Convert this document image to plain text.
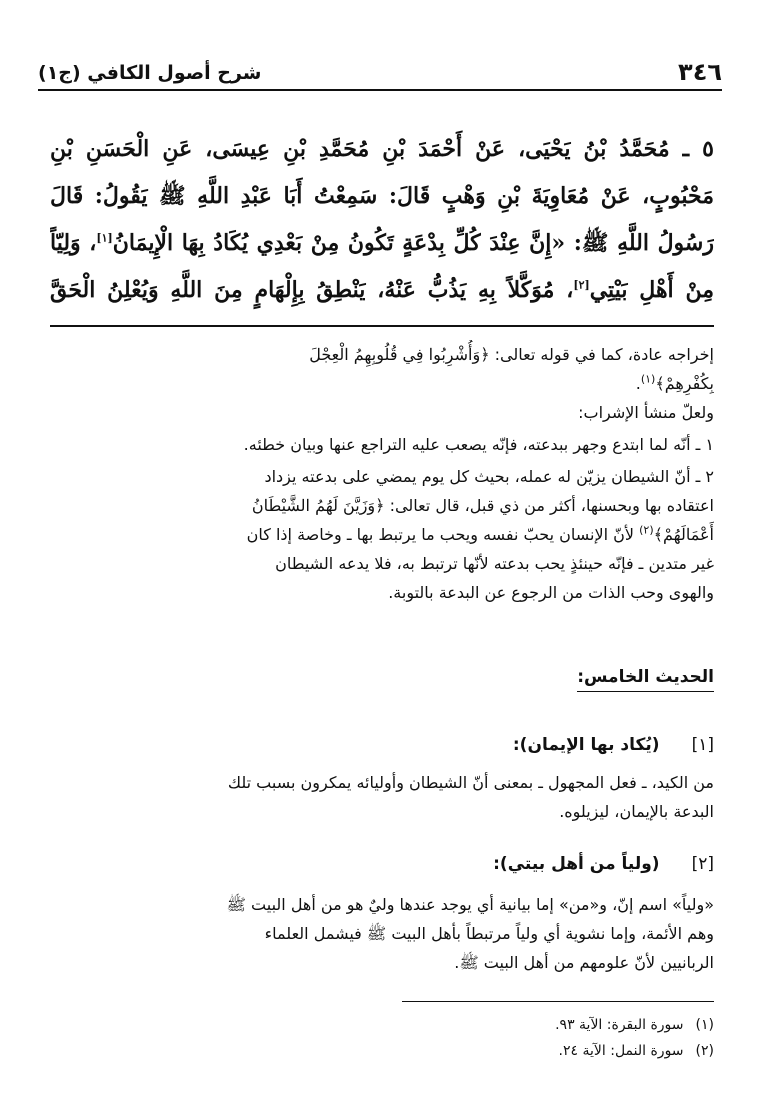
٣٤٦
شرح أصول الكافي (ج١)
٥ ـ مُحَمَّدُ بْنُ يَحْيَى، عَنْ أَحْمَدَ بْنِ مُحَمَّدِ بْنِ عِيسَى، عَنِ الْحَسَنِ بْنِ
مَحْبُوبٍ، عَنْ مُعَاوِيَةَ بْنِ وَهْبٍ قَالَ: سَمِعْتُ أَبَا عَبْدِ اللَّهِ ﷺ يَقُولُ: قَالَ
رَسُولُ اللَّهِ ﷺ: «إِنَّ عِنْدَ كُلِّ بِدْعَةٍ تَكُونُ مِنْ بَعْدِي يُكَادُ بِهَا الْإِيمَانُ[١]، وَلِيّاً
مِنْ أَهْلِ بَيْتِي[٢]، مُوَكَّلاً بِهِ يَذُبُّ عَنْهُ، يَنْطِقُ بِإِلْهَامٍ مِنَ اللَّهِ وَيُعْلِنُ الْحَقَّ
إخراجه عادة، كما في قوله تعالى: ﴿وَأُشْرِبُوا فِي قُلُوبِهِمُ الْعِجْلَ
بِكُفْرِهِمْ﴾$^{(١)}$.
ولعلّ منشأ الإشراب:
١ ـ أنّه لما ابتدع وجهر ببدعته، فإنّه يصعب عليه التراجع عنها وبيان خطئه.
٢ ـ أنّ الشيطان يزيّن له عمله، بحيث كل يوم يمضي على بدعته يزداد
اعتقاده بها وبحسنها، أكثر من ذي قبل، قال تعالى: ﴿وَزَيَّنَ لَهُمُ الشَّيْطَانُ
أَعْمَالَهُمْ﴾$^{(٢)}$ لأنّ الإنسان يحبّ نفسه ويحب ما يرتبط بها ـ وخاصة إذا كان
غير متدين ـ فإنّه حينئذٍ يحب بدعته لأنّها ترتبط به، فلا يدعه الشيطان
والهوى وحب الذات من الرجوع عن البدعة بالتوبة.
الحديث الخامس:
[١]
(يُكاد بها الإيمان):
من الكيد، ـ فعل المجهول ـ بمعنى أنّ الشيطان وأوليائه يمكرون بسبب تلك
البدعة بالإيمان، ليزيلوه.
[٢]
(ولياً من أهل بيتي):
«ولياً» اسم إنّ، و«من» إما بيانية أي يوجد عندها وليٌ هو من أهل البيت ﷺ
وهم الأئمة، وإما نشوية أي ولياً مرتبطاً بأهل البيت ﷺ فيشمل العلماء
الربانيين لأنّ علومهم من أهل البيت ﷺ.
(١)
سورة البقرة: الآية ٩٣.
(٢)
سورة النمل: الآية ٢٤.
